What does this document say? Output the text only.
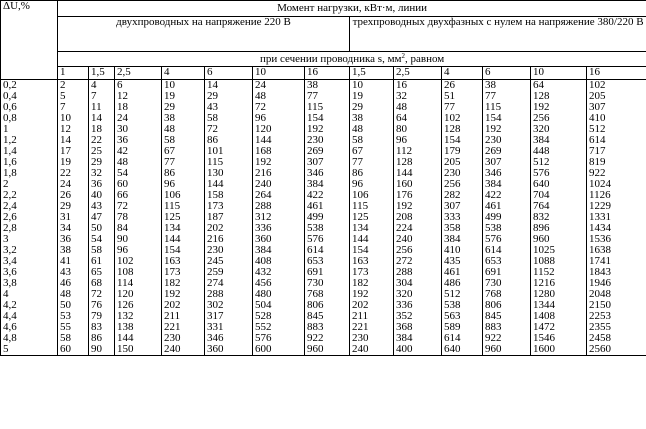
ΔU,%	Момент нагрузки, кВт·м, линии												
	двухпроводных на напряжение 220 В							трехпроводных двухфазных с нулем на напряжение 380/220 В					
	при сечении проводника s, $мм^2$, равном												
	1	1,5	2,5	4	6	10	16	1,5	2,5	4	6	10	16
0,2	2	4	6	10	14	24	38	10	16	26	38	64	102
0,4	5	7	12	19	29	48	77	19	32	51	77	128	205
0,6	7	11	18	29	43	72	115	29	48	77	115	192	307
0,8	10	14	24	38	58	96	154	38	64	102	154	256	410
1	12	18	30	48	72	120	192	48	80	128	192	320	512
1,2	14	22	36	58	86	144	230	58	96	154	230	384	614
1,4	17	25	42	67	101	168	269	67	112	179	269	448	717
1,6	19	29	48	77	115	192	307	77	128	205	307	512	819
1,8	22	32	54	86	130	216	346	86	144	230	346	576	922
2	24	36	60	96	144	240	384	96	160	256	384	640	1024
2,2	26	40	66	106	158	264	422	106	176	282	422	704	1126
2,4	29	43	72	115	173	288	461	115	192	307	461	764	1229
2,6	31	47	78	125	187	312	499	125	208	333	499	832	1331
2,8	34	50	84	134	202	336	538	134	224	358	538	896	1434
3	36	54	90	144	216	360	576	144	240	384	576	960	1536
3,2	38	58	96	154	230	384	614	154	256	410	614	1025	1638
3,4	41	61	102	163	245	408	653	163	272	435	653	1088	1741
3,6	43	65	108	173	259	432	691	173	288	461	691	1152	1843
3,8	46	68	114	182	274	456	730	182	304	486	730	1216	1946
4	48	72	120	192	288	480	768	192	320	512	768	1280	2048
4,2	50	76	126	202	302	504	806	202	336	538	806	1344	2150
4,4	53	79	132	211	317	528	845	211	352	563	845	1408	2253
4,6	55	83	138	221	331	552	883	221	368	589	883	1472	2355
4,8	58	86	144	230	346	576	922	230	384	614	922	1546	2458
5	60	90	150	240	360	600	960	240	400	640	960	1600	2560
